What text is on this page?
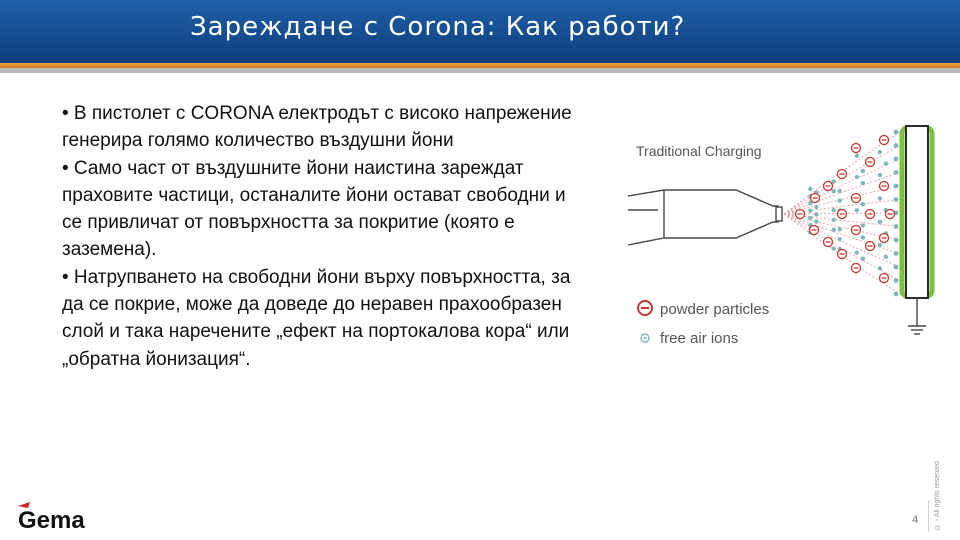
Зареждане с Corona: Как работи?

• В пистолет с CORONA електродът с високо напрежение генерира голямо количество въздушни йони

• Само част от въздушните йони наистина зареждат праховите частици, останалите йони остават свободни и се привличат от повърхността за покритие (която е заземена).

• Натрупването на свободни йони върху повърхността, за да се покрие, може да доведе до неравен прахообразен слой и така наречените „ефект на портокалова кора“ или „обратна йонизация“.

Traditional Charging
powder particles
free air ions
Gema	4 © - All rights reserved
